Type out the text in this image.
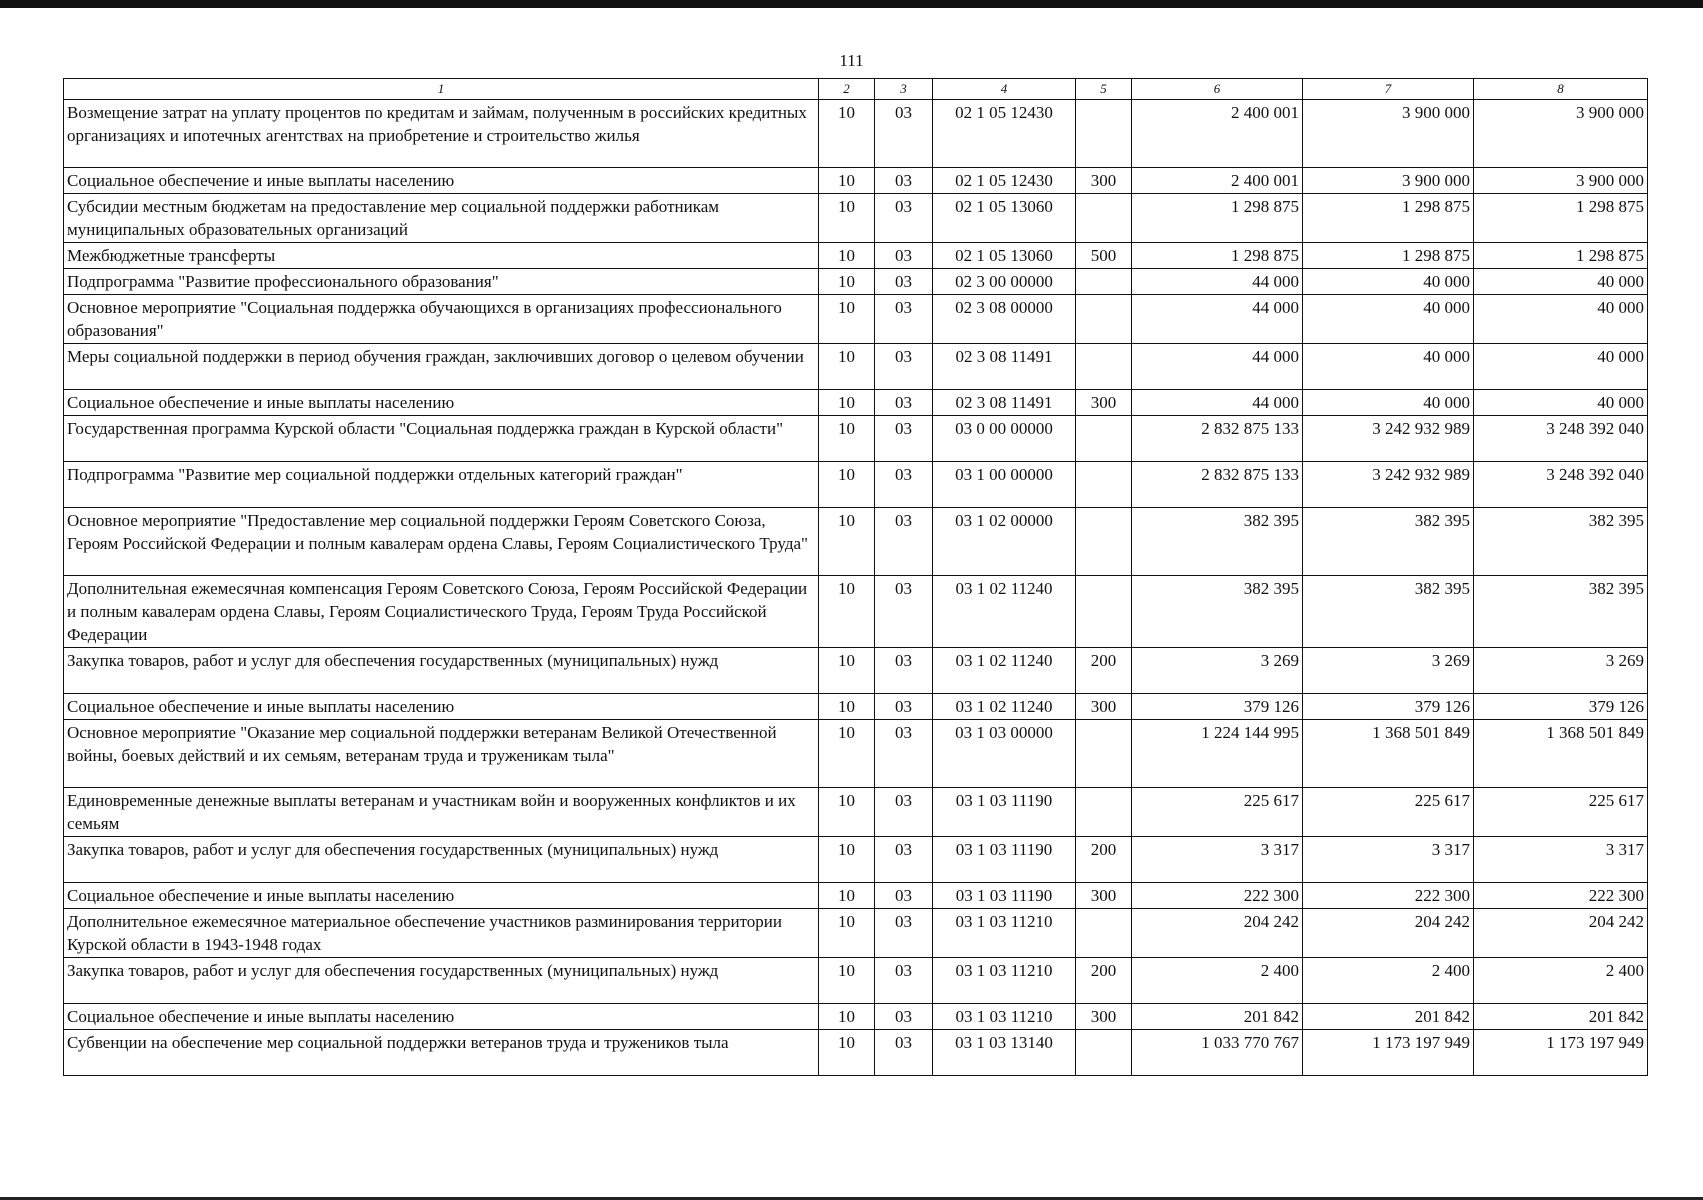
111
1	2	3	4	5	6	7	8
Возмещение затрат на уплату процентов по кредитам и займам, полученным в российских кредитных организациях и ипотечных агентствах на приобретение и строительство жилья	10	03	02 1 05 12430		2 400 001	3 900 000	3 900 000
Социальное обеспечение и иные выплаты населению	10	03	02 1 05 12430	300	2 400 001	3 900 000	3 900 000
Субсидии местным бюджетам на предоставление мер социальной поддержки работникам муниципальных образовательных организаций	10	03	02 1 05 13060		1 298 875	1 298 875	1 298 875
Межбюджетные трансферты	10	03	02 1 05 13060	500	1 298 875	1 298 875	1 298 875
Подпрограмма "Развитие профессионального образования"	10	03	02 3 00 00000		44 000	40 000	40 000
Основное мероприятие "Социальная поддержка обучающихся в организациях профессионального образования"	10	03	02 3 08 00000		44 000	40 000	40 000
Меры социальной поддержки в период обучения граждан, заключивших договор о целевом обучении	10	03	02 3 08 11491		44 000	40 000	40 000
Социальное обеспечение и иные выплаты населению	10	03	02 3 08 11491	300	44 000	40 000	40 000
Государственная программа Курской области "Социальная поддержка граждан в Курской области"	10	03	03 0 00 00000		2 832 875 133	3 242 932 989	3 248 392 040
Подпрограмма "Развитие мер социальной поддержки отдельных категорий граждан"	10	03	03 1 00 00000		2 832 875 133	3 242 932 989	3 248 392 040
Основное мероприятие "Предоставление мер социальной поддержки Героям Советского Союза, Героям Российской Федерации и полным кавалерам ордена Славы, Героям Социалистического Труда"	10	03	03 1 02 00000		382 395	382 395	382 395
Дополнительная ежемесячная компенсация Героям Советского Союза, Героям Российской Федерации и полным кавалерам ордена Славы, Героям Социалистического Труда, Героям Труда Российской Федерации	10	03	03 1 02 11240		382 395	382 395	382 395
Закупка товаров, работ и услуг для обеспечения государственных (муниципальных) нужд	10	03	03 1 02 11240	200	3 269	3 269	3 269
Социальное обеспечение и иные выплаты населению	10	03	03 1 02 11240	300	379 126	379 126	379 126
Основное мероприятие "Оказание мер социальной поддержки ветеранам Великой Отечественной войны, боевых действий и их семьям, ветеранам труда и труженикам тыла"	10	03	03 1 03 00000		1 224 144 995	1 368 501 849	1 368 501 849
Единовременные денежные выплаты ветеранам и участникам войн и вооруженных конфликтов и их семьям	10	03	03 1 03 11190		225 617	225 617	225 617
Закупка товаров, работ и услуг для обеспечения государственных (муниципальных) нужд	10	03	03 1 03 11190	200	3 317	3 317	3 317
Социальное обеспечение и иные выплаты населению	10	03	03 1 03 11190	300	222 300	222 300	222 300
Дополнительное ежемесячное материальное обеспечение участников разминирования территории Курской области в 1943-1948 годах	10	03	03 1 03 11210		204 242	204 242	204 242
Закупка товаров, работ и услуг для обеспечения государственных (муниципальных) нужд	10	03	03 1 03 11210	200	2 400	2 400	2 400
Социальное обеспечение и иные выплаты населению	10	03	03 1 03 11210	300	201 842	201 842	201 842
Субвенции на обеспечение мер социальной поддержки ветеранов труда и тружеников тыла	10	03	03 1 03 13140		1 033 770 767	1 173 197 949	1 173 197 949
